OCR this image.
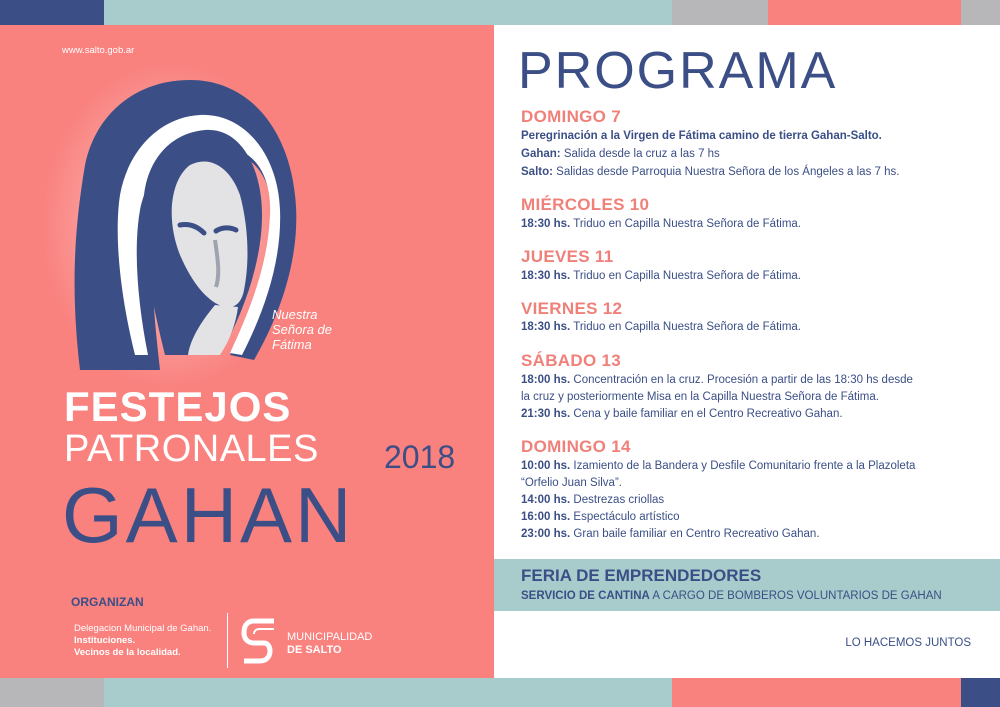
www.salto.gob.ar
Nuestra
Señora de
Fátima
FESTEJOS
PATRONALES 2018
GAHAN
ORGANIZAN
Delegacion Municipal de Gahan.
Instituciones.
Vecinos de la localidad.
MUNICIPALIDAD
DE SALTO
PROGRAMA
DOMINGO 7
Peregrinación a la Virgen de Fátima camino de tierra Gahan-Salto.
Gahan: Salida desde la cruz a las 7 hs
Salto: Salidas desde Parroquia Nuestra Señora de los Ángeles a las 7 hs.
MIÉRCOLES 10
18:30 hs. Triduo en Capilla Nuestra Señora de Fátima.
JUEVES 11
18:30 hs. Triduo en Capilla Nuestra Señora de Fátima.
VIERNES 12
18:30 hs. Triduo en Capilla Nuestra Señora de Fátima.
SÁBADO 13
18:00 hs. Concentración en la cruz. Procesión a partir de las 18:30 hs desde
la cruz y posteriormente Misa en la Capilla Nuestra Señora de Fátima.
21:30 hs. Cena y baile familiar en el Centro Recreativo Gahan.
DOMINGO 14
10:00 hs. Izamiento de la Bandera y Desfile Comunitario frente a la Plazoleta
“Orfelio Juan Silva”.
14:00 hs. Destrezas criollas
16:00 hs. Espectáculo artístico
23:00 hs. Gran baile familiar en Centro Recreativo Gahan.
FERIA DE EMPRENDEDORES
SERVICIO DE CANTINA A CARGO DE BOMBEROS VOLUNTARIOS DE GAHAN
LO HACEMOS JUNTOS
